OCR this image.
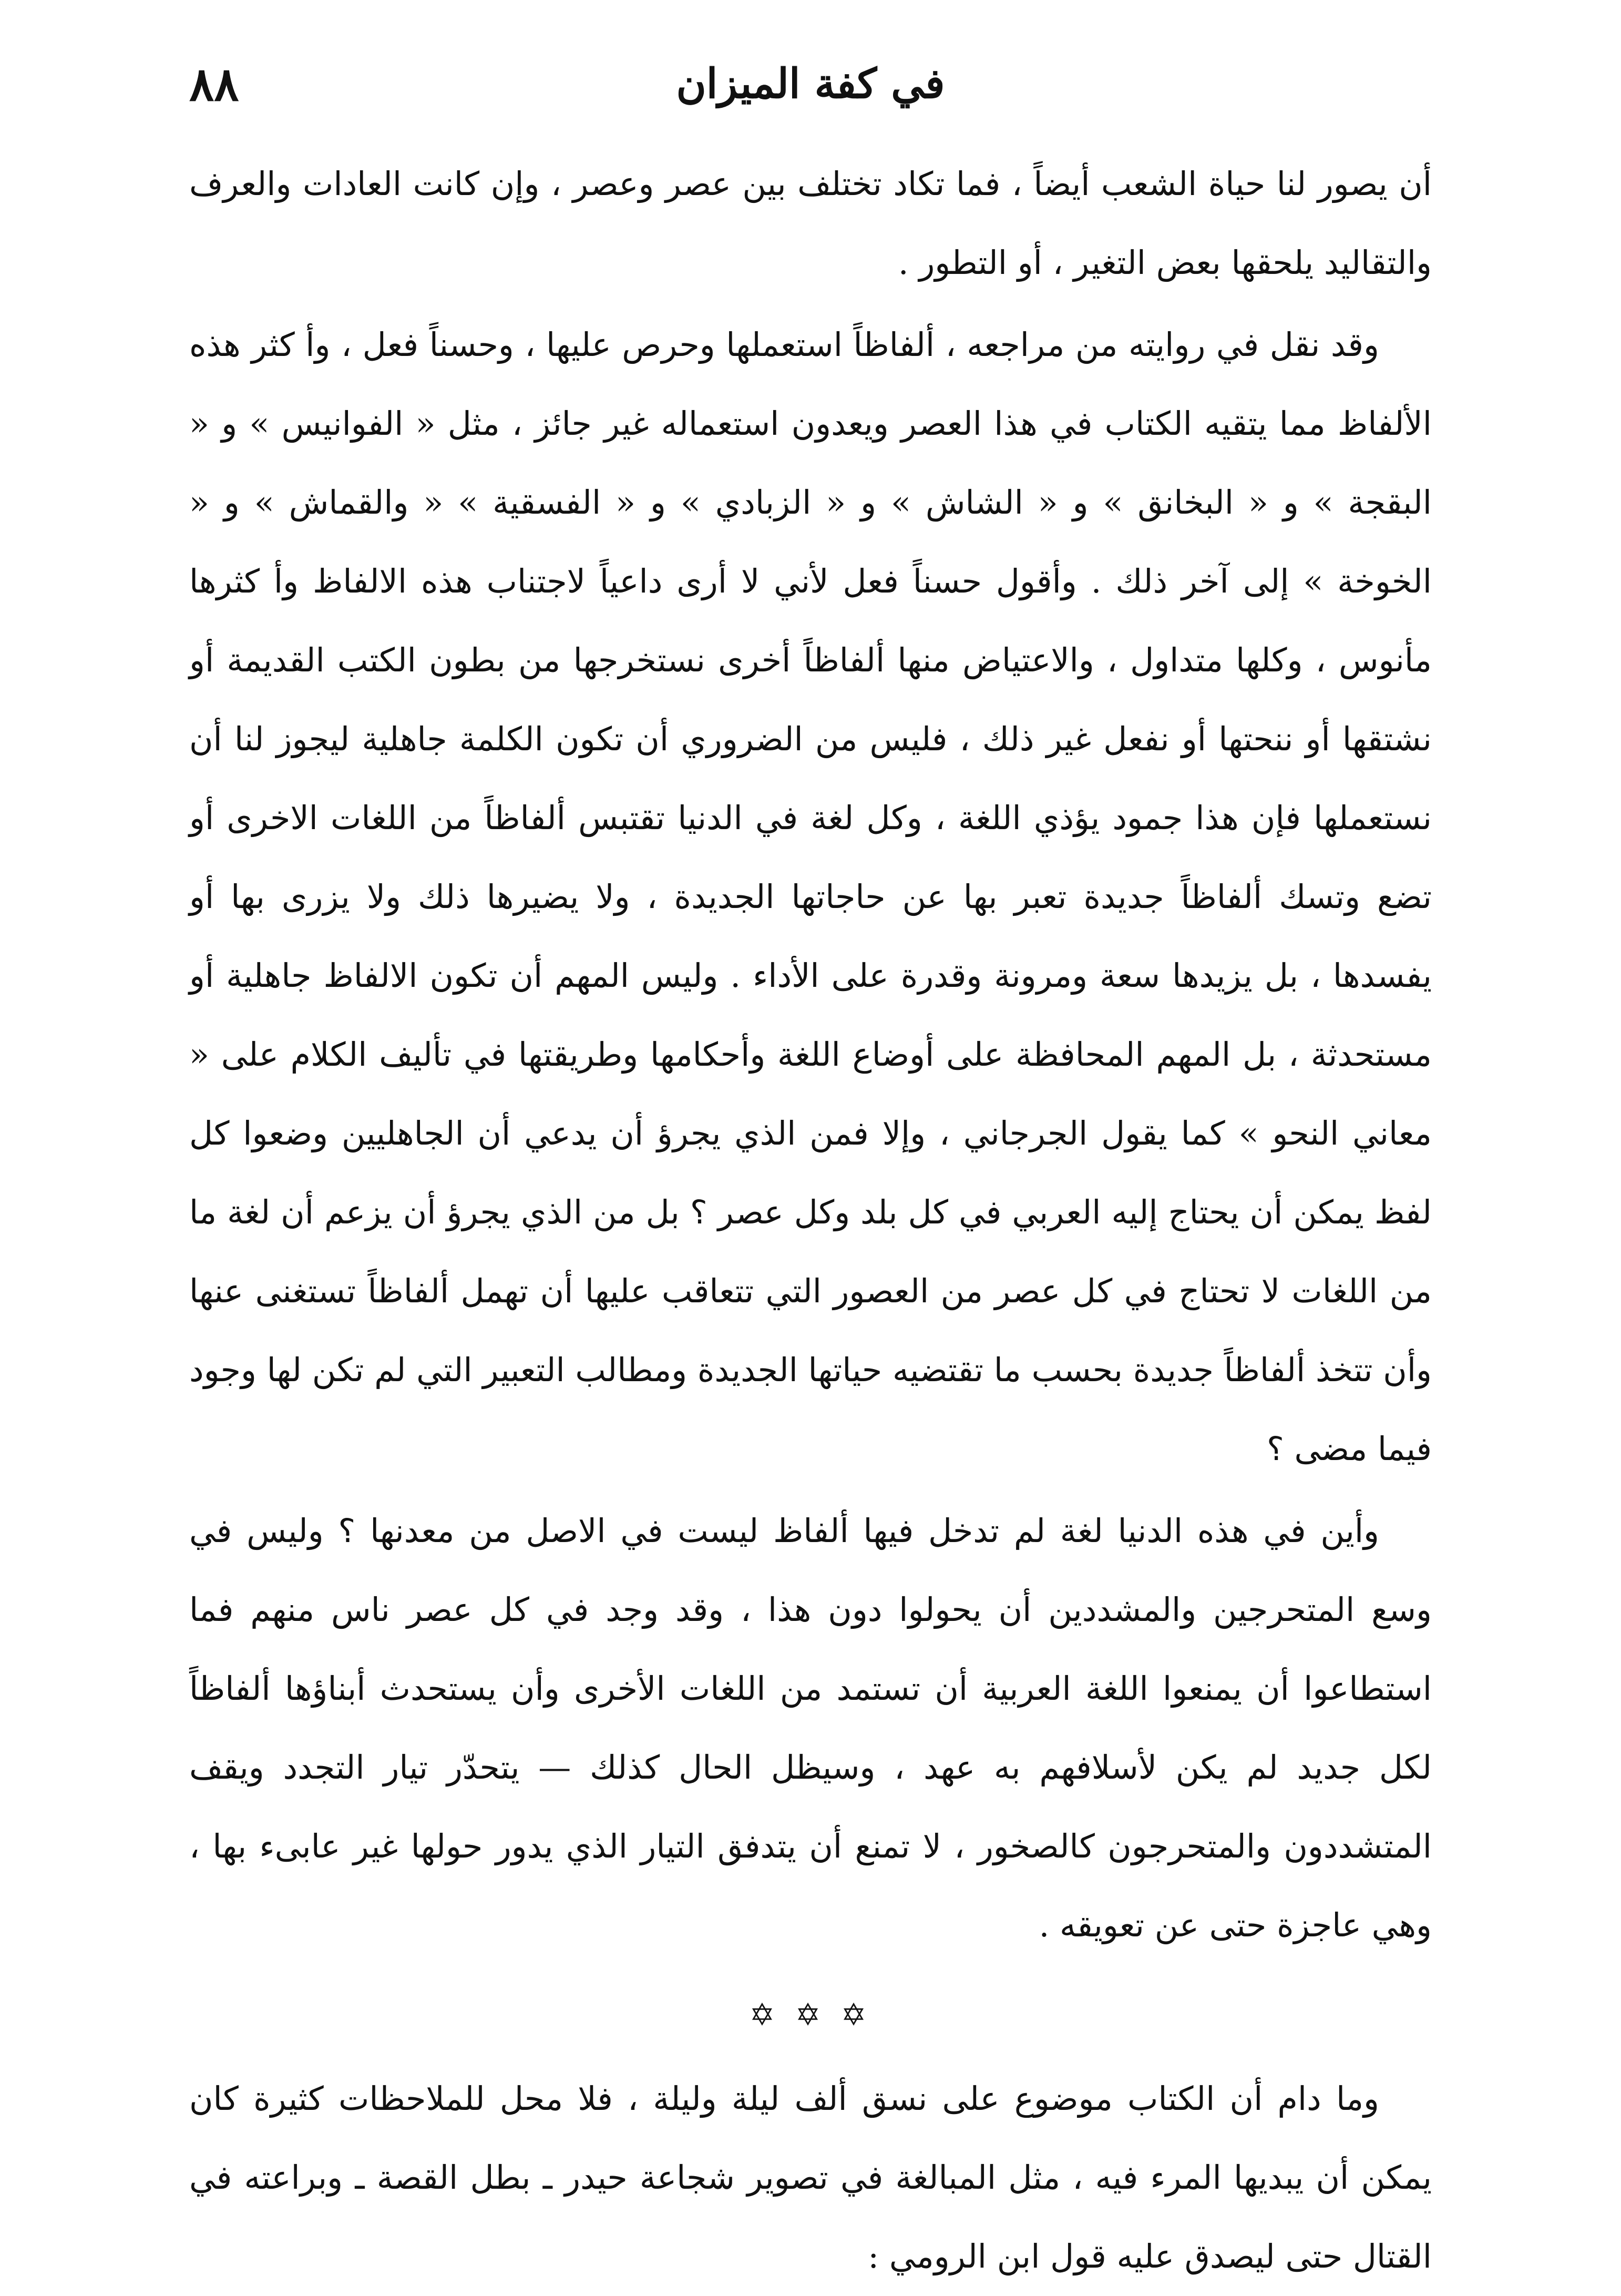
٨٨	في كفة الميزان

أن يصور لنا حياة الشعب أيضاً ، فما تكاد تختلف بين عصر وعصر ، وإن كانت العادات والعرف والتقاليد يلحقها بعض التغير ، أو التطور .

وقد نقل في روايته من مراجعه ، ألفاظاً استعملها وحرص عليها ، وحسناً فعل ، وأ كثر هذه الألفاظ مما يتقيه الكتاب في هذا العصر ويعدون استعماله غير جائز ، مثل « الفوانيس » و « البقجة » و « البخانق » و « الشاش » و « الزبادي » و « الفسقية » « والقماش » و « الخوخة » إلى آخر ذلك . وأقول حسناً فعل لأني لا أرى داعياً لاجتناب هذه الالفاظ وأ كثرها مأنوس ، وكلها متداول ، والاعتياض منها ألفاظاً أخرى نستخرجها من بطون الكتب القديمة أو نشتقها أو ننحتها أو نفعل غير ذلك ، فليس من الضروري أن تكون الكلمة جاهلية ليجوز لنا أن نستعملها فإن هذا جمود يؤذي اللغة ، وكل لغة في الدنيا تقتبس ألفاظاً من اللغات الاخرى أو تضع وتسك ألفاظاً جديدة تعبر بها عن حاجاتها الجديدة ، ولا يضيرها ذلك ولا يزرى بها أو يفسدها ، بل يزيدها سعة ومرونة وقدرة على الأداء . وليس المهم أن تكون الالفاظ جاهلية أو مستحدثة ، بل المهم المحافظة على أوضاع اللغة وأحكامها وطريقتها في تأليف الكلام على « معاني النحو » كما يقول الجرجاني ، وإلا فمن الذي يجرؤ أن يدعي أن الجاهليين وضعوا كل لفظ يمكن أن يحتاج إليه العربي في كل بلد وكل عصر ؟ بل من الذي يجرؤ أن يزعم أن لغة ما من اللغات لا تحتاج في كل عصر من العصور التي تتعاقب عليها أن تهمل ألفاظاً تستغنى عنها وأن تتخذ ألفاظاً جديدة بحسب ما تقتضيه حياتها الجديدة ومطالب التعبير التي لم تكن لها وجود فيما مضى ؟

وأين في هذه الدنيا لغة لم تدخل فيها ألفاظ ليست في الاصل من معدنها ؟ وليس في وسع المتحرجين والمشددين أن يحولوا دون هذا ، وقد وجد في كل عصر ناس منهم فما استطاعوا أن يمنعوا اللغة العربية أن تستمد من اللغات الأخرى وأن يستحدث أبناؤها ألفاظاً لكل جديد لم يكن لأسلافهم به عهد ، وسيظل الحال كذلك — يتحدّر تيار التجدد ويقف المتشددون والمتحرجون كالصخور ، لا تمنع أن يتدفق التيار الذي يدور حولها غير عابىء بها ، وهي عاجزة حتى عن تعويقه .

✡ ✡ ✡

وما دام أن الكتاب موضوع على نسق ألف ليلة وليلة ، فلا محل للملاحظات كثيرة كان يمكن أن يبديها المرء فيه ، مثل المبالغة في تصوير شجاعة حيدر ـ بطل القصة ـ وبراعته في القتال حتى ليصدق عليه قول ابن الرومي :
